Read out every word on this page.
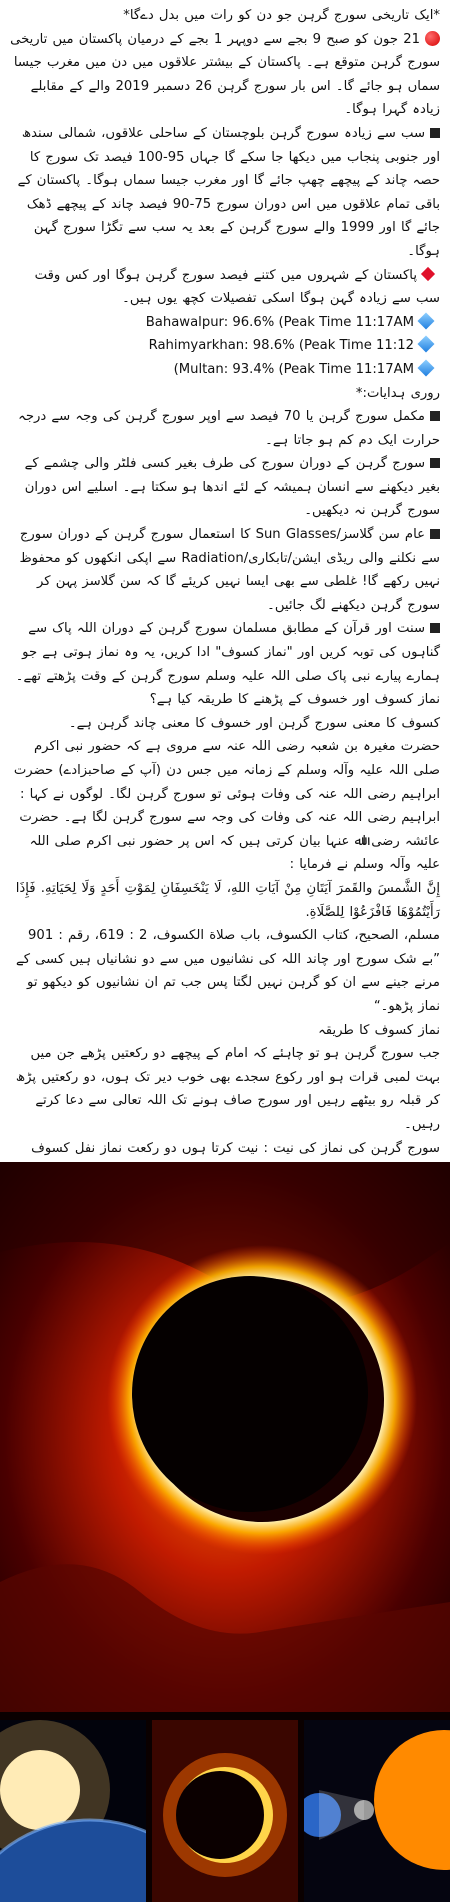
*ایک تاریخی سورج گرہن جو دن کو رات میں بدل دےگا*

21 جون کو صبح 9 بجے سے دوپہر 1 بجے کے درمیان پاکستان میں تاریخی سورج گرہن متوقع ہے۔ پاکستان کے بیشتر علاقوں میں دن میں مغرب جیسا سماں ہو جائے گا۔ اس بار سورج گرہن 26 دسمبر 2019 والے کے مقابلے زیادہ گہرا ہوگا۔

سب سے زیادہ سورج گرہن بلوچستان کے ساحلی علاقوں، شمالی سندھ اور جنوبی پنجاب میں دیکھا جا سکے گا جہاں 95-100 فیصد تک سورج کا حصہ چاند کے پیچھے چھپ جائے گا اور مغرب جیسا سماں ہوگا۔ پاکستان کے باقی تمام علاقوں میں اس دوران سورج 75-90 فیصد چاند کے پیچھے ڈھک جائے گا اور 1999 والے سورج گرہن کے بعد یہ سب سے تگڑا سورج گہن ہوگا۔

پاکستان کے شہروں میں کتنے فیصد سورج گرہن ہوگا اور کس وقت سب سے زیادہ گہن ہوگا اسکی تفصیلات کچھ یوں ہیں۔

Bahawalpur: 96.6% (Peak Time 11:17AM
Rahimyarkhan: 98.6% (Peak Time 11:12
(Multan: 93.4% (Peak Time 11:17AM

روری ہدایات:*

مکمل سورج گرہن یا 70 فیصد سے اوپر سورج گرہن کی وجہ سے درجہ حرارت ایک دم کم ہو جاتا ہے۔

سورج گرہن کے دوران سورج کی طرف بغیر کسی فلٹر والی چشمے کے بغیر دیکھنے سے انسان ہمیشہ کے لئے اندھا ہو سکتا ہے۔ اسلیے اس دوران سورج گرہن نہ دیکھیں۔

عام سن گلاسز/Sun Glasses کا استعمال سورج گرہن کے دوران سورج سے نکلنے والی ریڈی ایشن/تابکاری/Radiation سے اپکی انکھوں کو محفوظ نہیں رکھے گا! غلطی سے بھی ایسا نہیں کریئے گا کہ سن گلاسز پہن کر سورج گرہن دیکھنے لگ جائیں۔

سنت اور قرآن کے مطابق مسلمان سورج گرہن کے دوران اللہ پاک سے گناہوں کی توبہ کریں اور "نماز کسوف" ادا کریں، یہ وہ نماز ہوتی ہے جو ہمارے پیارے نبی پاک صلی اللہ علیہ وسلم سورج گرہن کے وقت پڑھتے تھے۔

نماز کسوف اور خسوف کے پڑھنے کا طریقہ کیا ہے؟

کسوف کا معنی سورج گرہن اور خسوف کا معنی چاند گرہن ہے۔

حضرت مغیرہ بن شعبہ رضی اللہ عنہ سے مروی ہے کہ حضور نبی اکرم صلی اللہ علیہ وآلہ وسلم کے زمانہ میں جس دن (آپ کے صاحبزادے) حضرت ابراہیم رضی اللہ عنہ کی وفات ہوئی تو سورج گرہن لگا۔ لوگوں نے کہا : ابراہیم رضی اللہ عنہ کی وفات کی وجہ سے سورج گرہن لگا ہے۔ حضرت عائشہ رضی اﷲ عنہا بیان کرتی ہیں کہ اس پر حضور نبی اکرم صلی اللہ علیہ وآلہ وسلم نے فرمایا :

إِنَّ الشَّمسَ والقَمرَ آيَتَانِ مِنْ آيَاتِ اللهِ، لَا يَنْخَسِفَانِ لِمَوْتِ أَحَدٍ وَلَا لِحَيَاتِهِ. فَإِذَا رَأَيْتُمُوْهَا فَافْزَعُوْا لِلصَّلَاةِ.

مسلم، الصحيح، كتاب الكسوف، باب صلاة الكسوف، 2 : 619، رقم : 901

”بے شک سورج اور چاند اللہ کی نشانیوں میں سے دو نشانیاں ہیں کسی کے مرنے جینے سے ان کو گرہن نہیں لگتا پس جب تم ان نشانیوں کو دیکھو تو نماز پڑھو۔“

نماز کسوف کا طریقہ

جب سورج گرہن ہو تو چاہئے کہ امام کے پیچھے دو رکعتیں پڑھے جن میں بہت لمبی قرات ہو اور رکوع سجدے بھی خوب دیر تک ہوں، دو رکعتیں پڑھ کر قبلہ رو بیٹھے رہیں اور سورج صاف ہونے تک اللہ تعالی سے دعا کرتے رہیں۔

سورج گرہن کی نماز کی نیت : نیت کرتا ہوں دو رکعت نماز نفل کسوف
